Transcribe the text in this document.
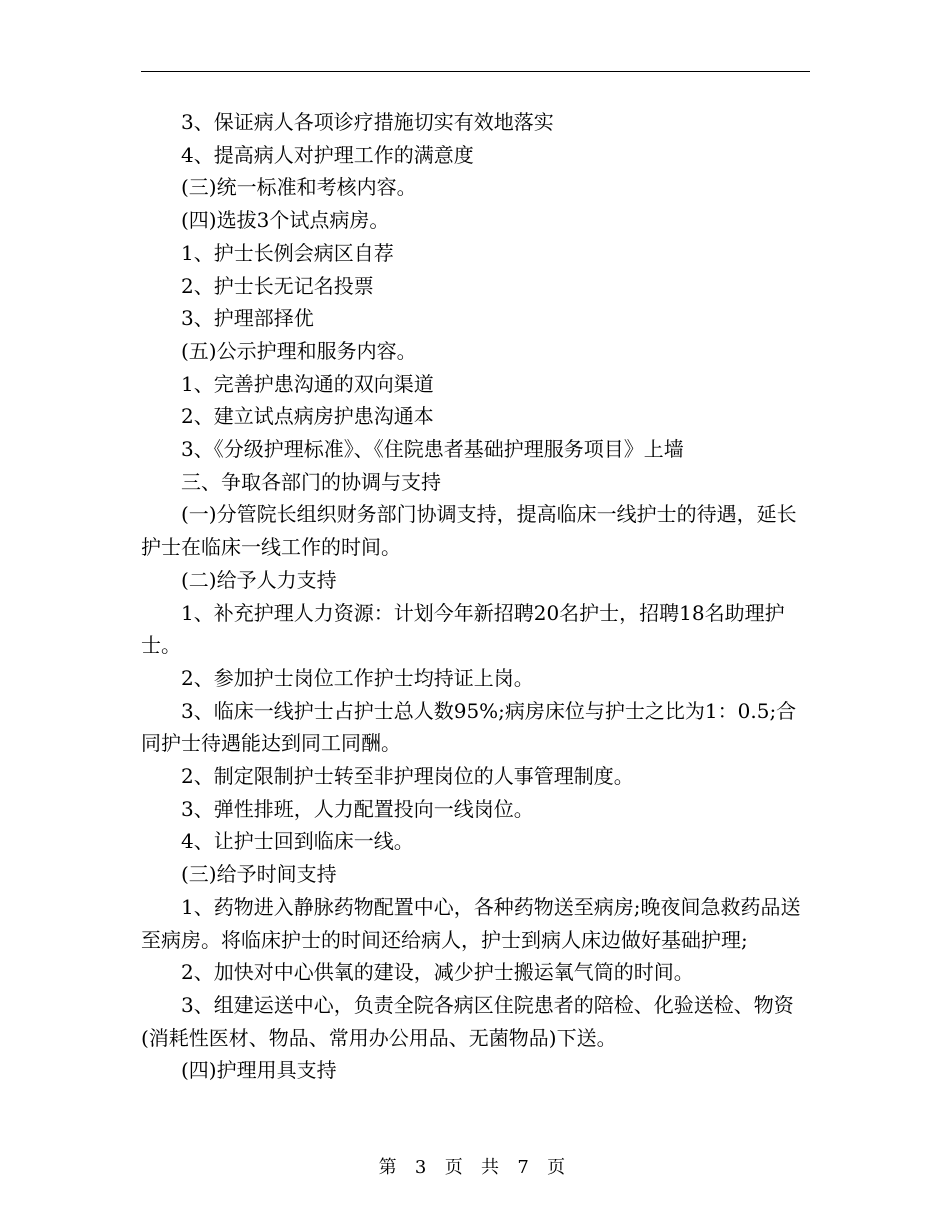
3、保证病人各项诊疗措施切实有效地落实

4、提高病人对护理工作的满意度

(三)统一标准和考核内容。

(四)选拔3个试点病房。

1、护士长例会病区自荐

2、护士长无记名投票

3、护理部择优

(五)公示护理和服务内容。

1、完善护患沟通的双向渠道

2、建立试点病房护患沟通本

3、《分级护理标准》、《住院患者基础护理服务项目》上墙

三、争取各部门的协调与支持

(一)分管院长组织财务部门协调支持，提高临床一线护士的待遇，延长护士在临床一线工作的时间。

(二)给予人力支持

1、补充护理人力资源：计划今年新招聘20名护士，招聘18名助理护士。

2、参加护士岗位工作护士均持证上岗。

3、临床一线护士占护士总人数95%;病房床位与护士之比为1：0.5;合同护士待遇能达到同工同酬。

2、制定限制护士转至非护理岗位的人事管理制度。

3、弹性排班，人力配置投向一线岗位。

4、让护士回到临床一线。

(三)给予时间支持

1、药物进入静脉药物配置中心，各种药物送至病房;晚夜间急救药品送至病房。将临床护士的时间还给病人，护士到病人床边做好基础护理;

2、加快对中心供氧的建设，减少护士搬运氧气筒的时间。

3、组建运送中心，负责全院各病区住院患者的陪检、化验送检、物资(消耗性医材、物品、常用办公用品、无菌物品)下送。

(四)护理用具支持

第 3 页 共 7 页
